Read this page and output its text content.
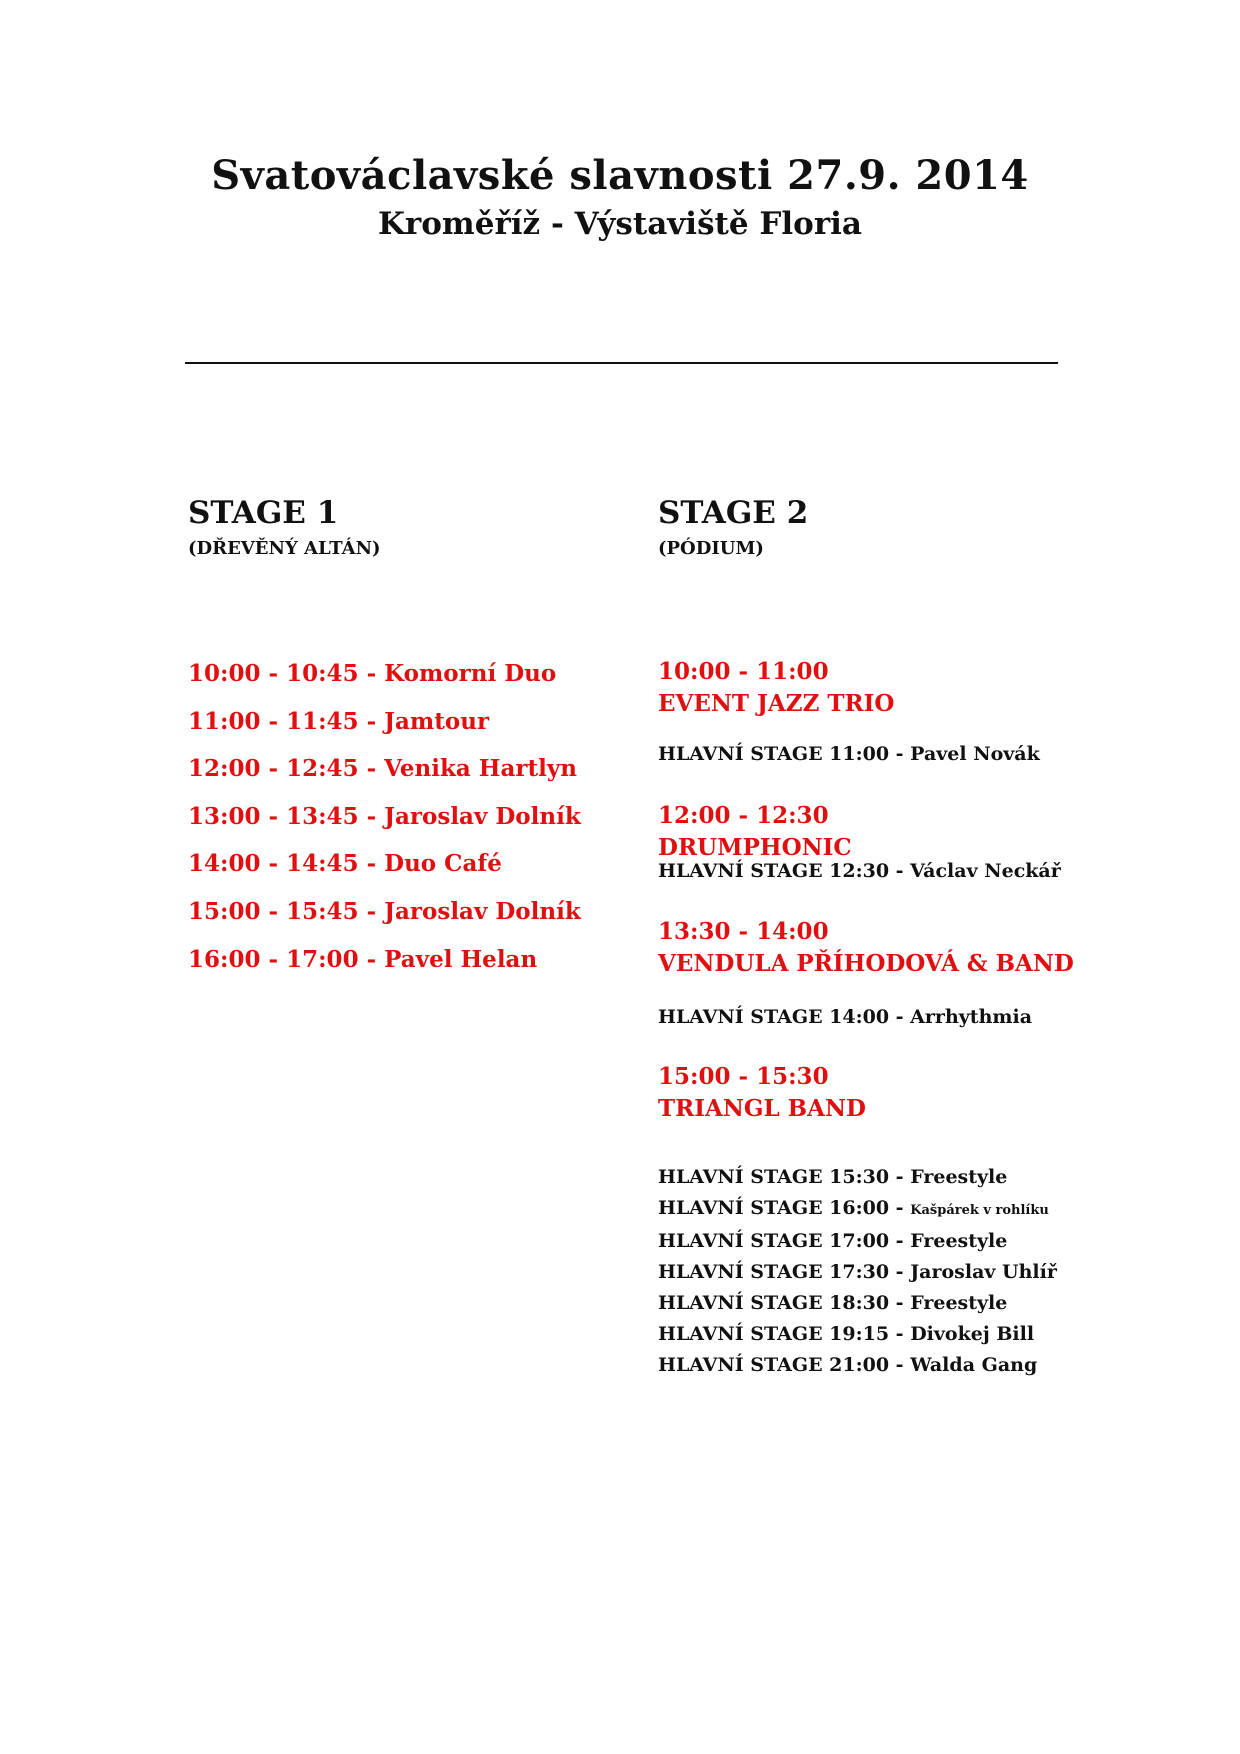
Svatováclavské slavnosti 27.9. 2014
Kroměříž - Výstaviště Floria
STAGE 1
(DŘEVĚNÝ ALTÁN)
10:00 - 10:45 - Komorní Duo
11:00 - 11:45 - Jamtour
12:00 - 12:45 - Venika Hartlyn
13:00 - 13:45 - Jaroslav Dolník
14:00 - 14:45 - Duo Café
15:00 - 15:45 - Jaroslav Dolník
16:00 - 17:00 - Pavel Helan
STAGE 2
(PÓDIUM)
10:00 - 11:00
EVENT JAZZ TRIO
HLAVNÍ STAGE 11:00 - Pavel Novák
12:00 - 12:30
DRUMPHONIC
HLAVNÍ STAGE 12:30 - Václav Neckář
13:30 - 14:00
VENDULA PŘÍHODOVÁ & BAND
HLAVNÍ STAGE 14:00 - Arrhythmia
15:00 - 15:30
TRIANGL BAND
HLAVNÍ STAGE 15:30 - Freestyle
HLAVNÍ STAGE 16:00 - Kašpárek v rohlíku
HLAVNÍ STAGE 17:00 - Freestyle
HLAVNÍ STAGE 17:30 - Jaroslav Uhlíř
HLAVNÍ STAGE 18:30 - Freestyle
HLAVNÍ STAGE 19:15 - Divokej Bill
HLAVNÍ STAGE 21:00 - Walda Gang
